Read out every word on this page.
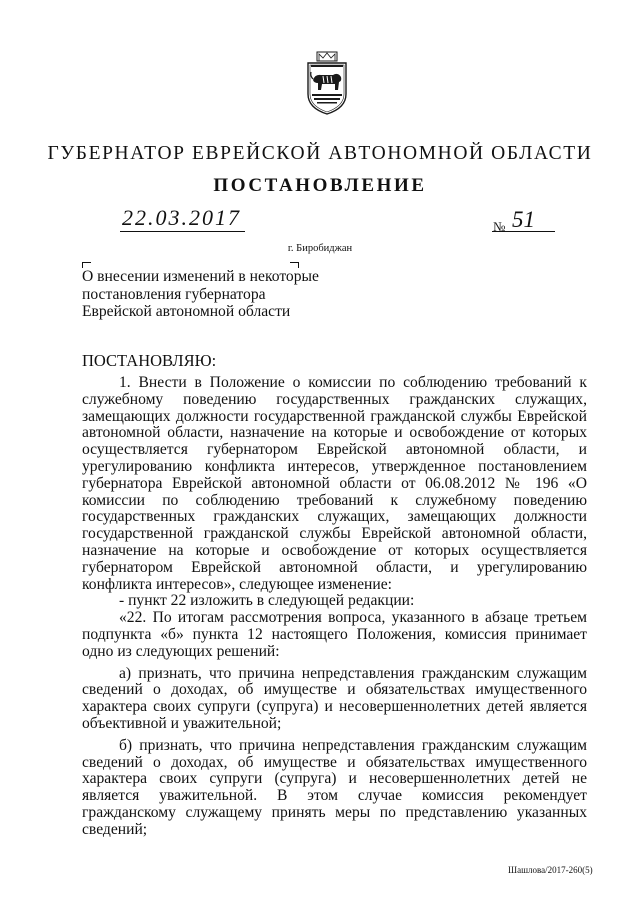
ГУБЕРНАТОР ЕВРЕЙСКОЙ АВТОНОМНОЙ ОБЛАСТИ
ПОСТАНОВЛЕНИЕ
22.03.2017	№ 51
г. Биробиджан
О внесении изменений в некоторые
постановления губернатора
Еврейской автономной области
ПОСТАНОВЛЯЮ:

1. Внести в Положение о комиссии по соблюдению требований к служебному поведению государственных гражданских служащих, замещающих должности государственной гражданской службы Еврейской автономной области, назначение на которые и освобождение от которых осуществляется губернатором Еврейской автономной области, и урегулированию конфликта интересов, утвержденное постановлением губернатора Еврейской автономной области от 06.08.2012 № 196 «О комиссии по соблюдению требований к служебному поведению государственных гражданских служащих, замещающих должности государственной гражданской службы Еврейской автономной области, назначение на которые и освобождение от которых осуществляется губернатором Еврейской автономной области, и урегулированию конфликта интересов», следующее изменение:

- пункт 22 изложить в следующей редакции:

«22. По итогам рассмотрения вопроса, указанного в абзаце третьем подпункта «б» пункта 12 настоящего Положения, комиссия принимает одно из следующих решений:

а) признать, что причина непредставления гражданским служащим сведений о доходах, об имуществе и обязательствах имущественного характера своих супруги (супруга) и несовершеннолетних детей является объективной и уважительной;

б) признать, что причина непредставления гражданским служащим сведений о доходах, об имуществе и обязательствах имущественного характера своих супруги (супруга) и несовершеннолетних детей не является уважительной. В этом случае комиссия рекомендует гражданскому служащему принять меры по представлению указанных сведений;

Шашлова/2017-260(5)
